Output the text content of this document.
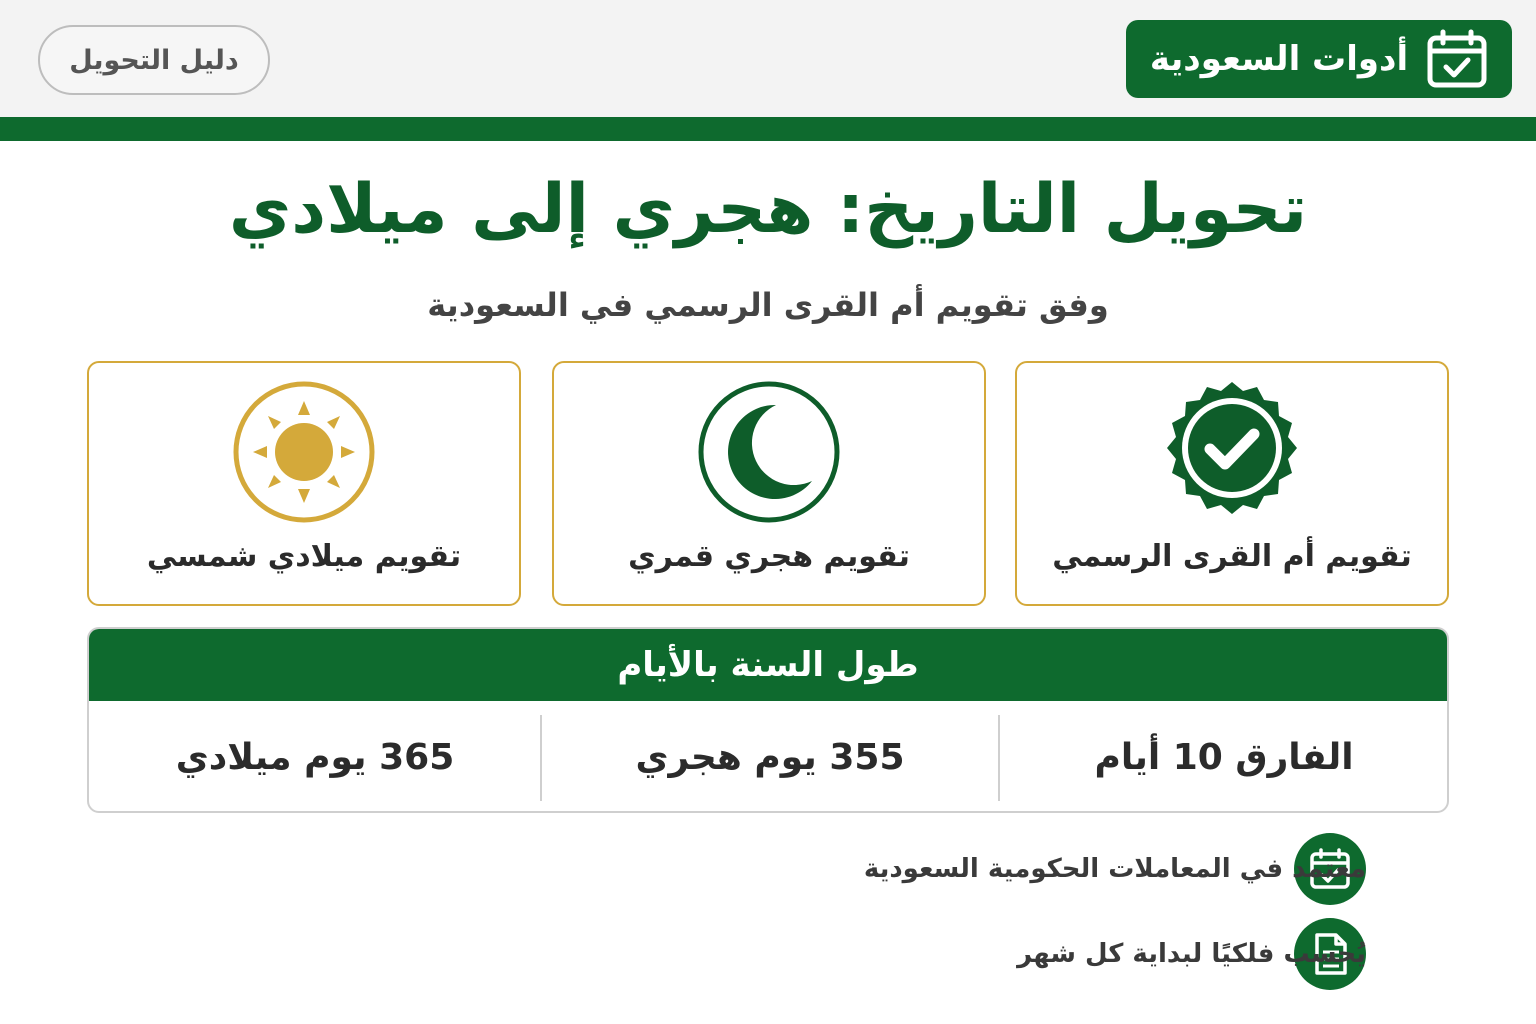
أدوات السعودية
دليل التحويل
تحويل التاريخ: هجري إلى ميلادي

وفق تقويم أم القرى الرسمي في السعودية

تقويم أم القرى الرسمي
تقويم هجري قمري
تقويم ميلادي شمسي
طول السنة بالأيام
الفارق 10 أيام
355 يوم هجري
365 يوم ميلادي
معتمد في المعاملات الحكومية السعودية
يُحسب فلكيًا لبداية كل شهر
